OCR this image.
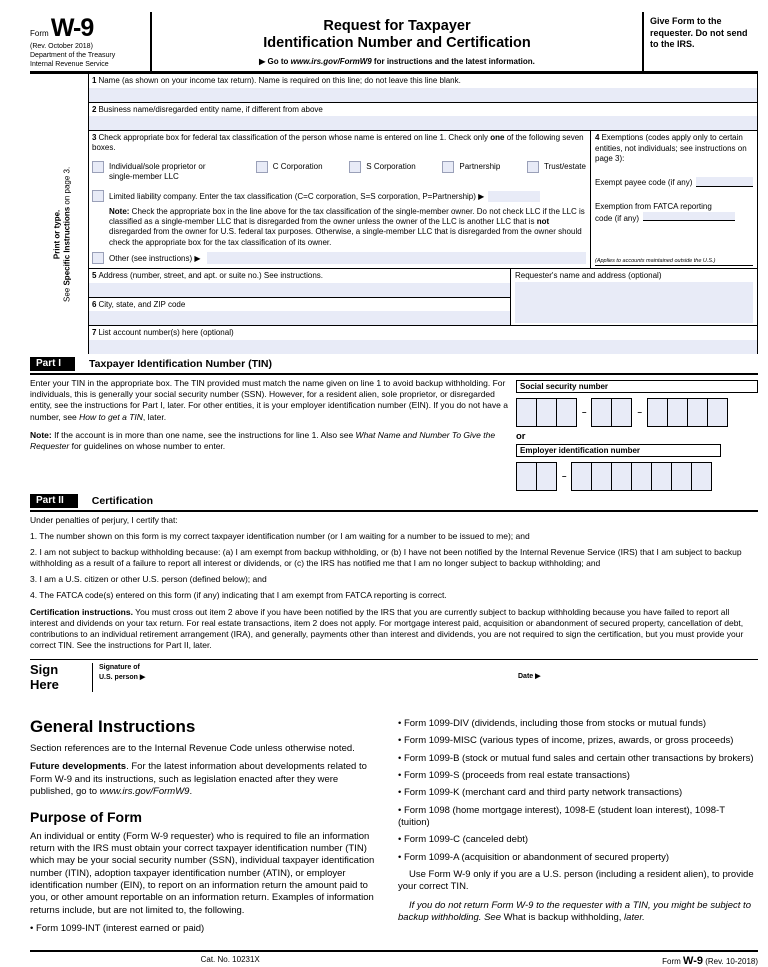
Form W-9
(Rev. October 2018)
Department of the Treasury
Internal Revenue Service
Request for Taxpayer
Identification Number and Certification
▶ Go to www.irs.gov/FormW9 for instructions and the latest information.
Give Form to the requester. Do not send to the IRS.
Print or type.
See Specific Instructions on page 3.
1 Name (as shown on your income tax return). Name is required on this line; do not leave this line blank.
2 Business name/disregarded entity name, if different from above
3 Check appropriate box for federal tax classification of the person whose name is entered on line 1. Check only one of the following seven boxes.
Individual/sole proprietor or single-member LLC
C Corporation	S Corporation	Partnership	Trust/estate
Limited liability company. Enter the tax classification (C=C corporation, S=S corporation, P=Partnership) ▶
Note: Check the appropriate box in the line above for the tax classification of the single-member owner. Do not check LLC if the LLC is classified as a single-member LLC that is disregarded from the owner unless the owner of the LLC is another LLC that is not disregarded from the owner for U.S. federal tax purposes. Otherwise, a single-member LLC that is disregarded from the owner should check the appropriate box for the tax classification of its owner.
Other (see instructions) ▶
4 Exemptions (codes apply only to certain entities, not individuals; see instructions on page 3):
Exempt payee code (if any)
Exemption from FATCA reporting
code (if any)
(Applies to accounts maintained outside the U.S.)
5 Address (number, street, and apt. or suite no.) See instructions.
6 City, state, and ZIP code
Requester's name and address (optional)
7 List account number(s) here (optional)
Part I	Taxpayer Identification Number (TIN)

Enter your TIN in the appropriate box. The TIN provided must match the name given on line 1 to avoid backup withholding. For individuals, this is generally your social security number (SSN). However, for a resident alien, sole proprietor, or disregarded entity, see the instructions for Part I, later. For other entities, it is your employer identification number (EIN). If you do not have a number, see How to get a TIN, later.

Note: If the account is in more than one name, see the instructions for line 1. Also see What Name and Number To Give the Requester for guidelines on whose number to enter.

Social security number
–	–
or
Employer identification number
–
Part II	Certification
Under penalties of perjury, I certify that:
1. The number shown on this form is my correct taxpayer identification number (or I am waiting for a number to be issued to me); and
2. I am not subject to backup withholding because: (a) I am exempt from backup withholding, or (b) I have not been notified by the Internal Revenue Service (IRS) that I am subject to backup withholding as a result of a failure to report all interest or dividends, or (c) the IRS has notified me that I am no longer subject to backup withholding; and
3. I am a U.S. citizen or other U.S. person (defined below); and
4. The FATCA code(s) entered on this form (if any) indicating that I am exempt from FATCA reporting is correct.
Certification instructions. You must cross out item 2 above if you have been notified by the IRS that you are currently subject to backup withholding because you have failed to report all interest and dividends on your tax return. For real estate transactions, item 2 does not apply. For mortgage interest paid, acquisition or abandonment of secured property, cancellation of debt, contributions to an individual retirement arrangement (IRA), and generally, payments other than interest and dividends, you are not required to sign the certification, but you must provide your correct TIN. See the instructions for Part II, later.
Sign
Here
Signature of
U.S. person ▶	Date ▶
General Instructions

Section references are to the Internal Revenue Code unless otherwise noted.

Future developments. For the latest information about developments related to Form W-9 and its instructions, such as legislation enacted after they were published, go to www.irs.gov/FormW9.

Purpose of Form

An individual or entity (Form W-9 requester) who is required to file an information return with the IRS must obtain your correct taxpayer identification number (TIN) which may be your social security number (SSN), individual taxpayer identification number (ITIN), adoption taxpayer identification number (ATIN), or employer identification number (EIN), to report on an information return the amount paid to you, or other amount reportable on an information return. Examples of information returns include, but are not limited to, the following.

• Form 1099-INT (interest earned or paid)
• Form 1099-DIV (dividends, including those from stocks or mutual funds)
• Form 1099-MISC (various types of income, prizes, awards, or gross proceeds)
• Form 1099-B (stock or mutual fund sales and certain other transactions by brokers)
• Form 1099-S (proceeds from real estate transactions)
• Form 1099-K (merchant card and third party network transactions)
• Form 1098 (home mortgage interest), 1098-E (student loan interest), 1098-T (tuition)
• Form 1099-C (canceled debt)
• Form 1099-A (acquisition or abandonment of secured property)

Use Form W-9 only if you are a U.S. person (including a resident alien), to provide your correct TIN.

If you do not return Form W-9 to the requester with a TIN, you might be subject to backup withholding. See What is backup withholding, later.

Cat. No. 10231X	Form W-9 (Rev. 10-2018)
